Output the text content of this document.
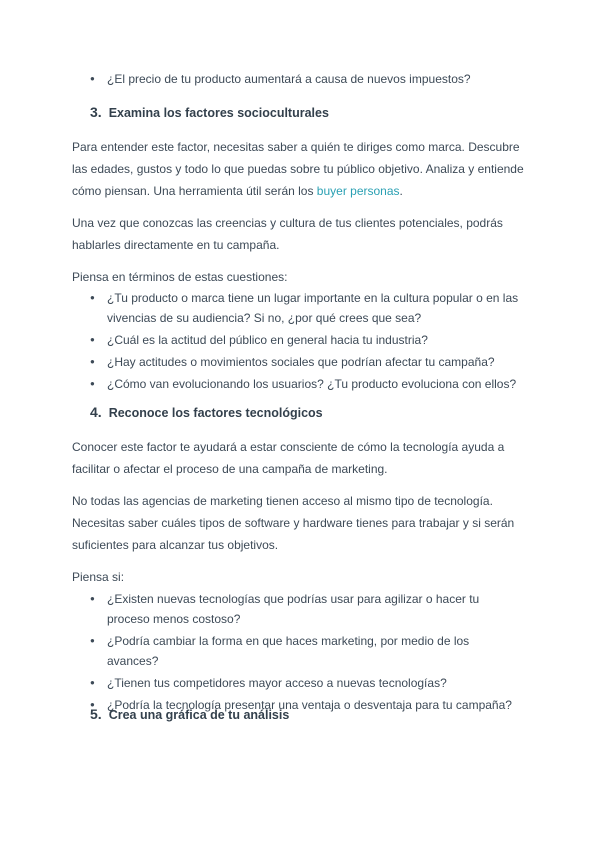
● ¿El precio de tu producto aumentará a causa de nuevos impuestos?
3. Examina los factores socioculturales

Para entender este factor, necesitas saber a quién te diriges como marca. Descubre las edades, gustos y todo lo que puedas sobre tu público objetivo. Analiza y entiende cómo piensan. Una herramienta útil serán los buyer personas.

Una vez que conozcas las creencias y cultura de tus clientes potenciales, podrás hablarles directamente en tu campaña.

Piensa en términos de estas cuestiones:

● ¿Tu producto o marca tiene un lugar importante en la cultura popular o en las vivencias de su audiencia? Si no, ¿por qué crees que sea?
● ¿Cuál es la actitud del público en general hacia tu industria?
● ¿Hay actitudes o movimientos sociales que podrían afectar tu campaña?
● ¿Cómo van evolucionando los usuarios? ¿Tu producto evoluciona con ellos?
4. Reconoce los factores tecnológicos

Conocer este factor te ayudará a estar consciente de cómo la tecnología ayuda a facilitar o afectar el proceso de una campaña de marketing.

No todas las agencias de marketing tienen acceso al mismo tipo de tecnología. Necesitas saber cuáles tipos de software y hardware tienes para trabajar y si serán suficientes para alcanzar tus objetivos.

Piensa si:

● ¿Existen nuevas tecnologías que podrías usar para agilizar o hacer tu proceso menos costoso?
● ¿Podría cambiar la forma en que haces marketing, por medio de los avances?
● ¿Tienen tus competidores mayor acceso a nuevas tecnologías?
● ¿Podría la tecnología presentar una ventaja o desventaja para tu campaña?
5. Crea una gráfica de tu análisis
